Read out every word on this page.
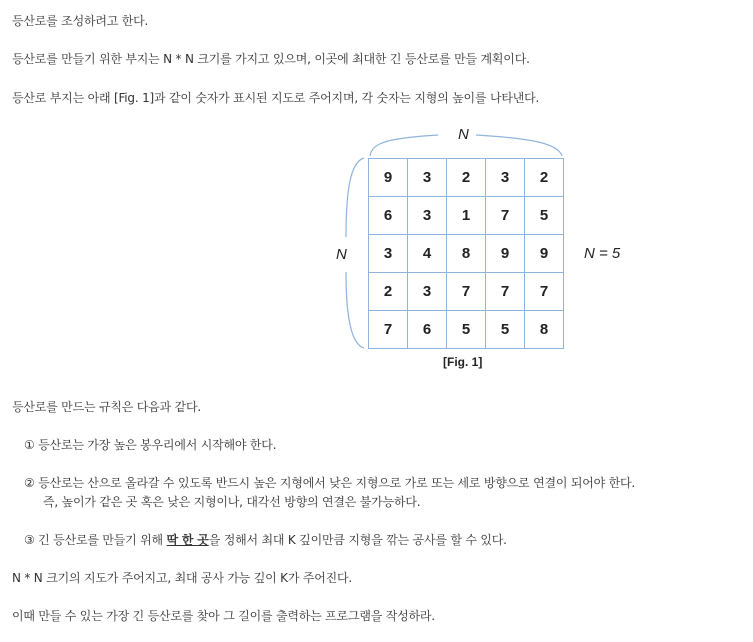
등산로를 조성하려고 한다.
등산로를 만들기 위한 부지는 N * N 크기를 가지고 있으며, 이곳에 최대한 긴 등산로를 만들 계획이다.
등산로 부지는 아래 [Fig. 1]과 같이 숫자가 표시된 지도로 주어지며, 각 숫자는 지형의 높이를 나타낸다.
N
N	N = 5
9	3	2	3	2
6	3	1	7	5
3	4	8	9	9
2	3	7	7	7
7	6	5	5	8
[Fig. 1]
등산로를 만드는 규칙은 다음과 같다.
① 등산로는 가장 높은 봉우리에서 시작해야 한다.
② 등산로는 산으로 올라갈 수 있도록 반드시 높은 지형에서 낮은 지형으로 가로 또는 세로 방향으로 연결이 되어야 한다.
즉, 높이가 같은 곳 혹은 낮은 지형이나, 대각선 방향의 연결은 불가능하다.
③ 긴 등산로를 만들기 위해 딱 한 곳을 정해서 최대 K 깊이만큼 지형을 깎는 공사를 할 수 있다.
N * N 크기의 지도가 주어지고, 최대 공사 가능 깊이 K가 주어진다.
이때 만들 수 있는 가장 긴 등산로를 찾아 그 길이를 출력하는 프로그램을 작성하라.
